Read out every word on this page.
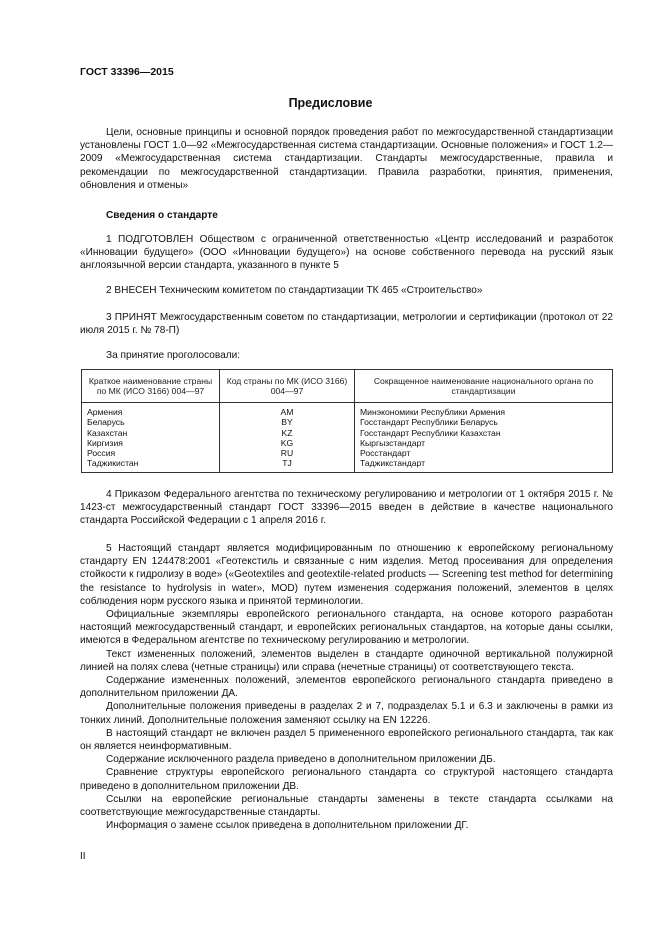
ГОСТ 33396—2015
Предисловие

Цели, основные принципы и основной порядок проведения работ по межгосударственной стандартизации установлены ГОСТ 1.0—92 «Межгосударственная система стандартизации. Основные положения» и ГОСТ 1.2—2009 «Межгосударственная система стандартизации. Стандарты межгосударственные, правила и рекомендации по межгосударственной стандартизации. Правила разработки, принятия, применения, обновления и отмены»

Сведения о стандарте

1 ПОДГОТОВЛЕН Обществом с ограниченной ответственностью «Центр исследований и разработок «Инновации будущего» (ООО «Инновации будущего») на основе собственного перевода на русский язык англоязычной версии стандарта, указанного в пункте 5

2 ВНЕСЕН Техническим комитетом по стандартизации ТК 465 «Строительство»

3 ПРИНЯТ Межгосударственным советом по стандартизации, метрологии и сертификации (протокол от 22 июля 2015 г. № 78-П)

За принятие проголосовали:

Краткое наименование страны по МК (ИСО 3166) 004—97	Код страны по МК (ИСО 3166) 004—97	Сокращенное наименование национального органа по стандартизации
Армения	AM	Минэкономики Республики Армения
Беларусь	BY	Госстандарт Республики Беларусь
Казахстан	KZ	Госстандарт Республики Казахстан
Киргизия	KG	Кыргызстандарт
Россия	RU	Росстандарт
Таджикистан	TJ	Таджикстандарт

4 Приказом Федерального агентства по техническому регулированию и метрологии от 1 октября 2015 г. № 1423-ст межгосударственный стандарт ГОСТ 33396—2015 введен в действие в качестве национального стандарта Российской Федерации с 1 апреля 2016 г.

5 Настоящий стандарт является модифицированным по отношению к европейскому региональному стандарту EN 124478:2001 «Геотекстиль и связанные с ним изделия. Метод просеивания для определения стойкости к гидролизу в воде» («Geotextiles and geotextile-related products — Screening test method for determining the resistance to hydrolysis in water», MOD) путем изменения содержания положений, элементов в целях соблюдения норм русского языка и принятой терминологии.

Официальные экземпляры европейского регионального стандарта, на основе которого разработан настоящий межгосударственный стандарт, и европейских региональных стандартов, на которые даны ссылки, имеются в Федеральном агентстве по техническому регулированию и метрологии.

Текст измененных положений, элементов выделен в стандарте одиночной вертикальной полужирной линией на полях слева (четные страницы) или справа (нечетные страницы) от соответствующего текста.

Содержание измененных положений, элементов европейского регионального стандарта приведено в дополнительном приложении ДА.

Дополнительные положения приведены в разделах 2 и 7, подразделах 5.1 и 6.3 и заключены в рамки из тонких линий. Дополнительные положения заменяют ссылку на EN 12226.

В настоящий стандарт не включен раздел 5 примененного европейского регионального стандарта, так как он является неинформативным.

Содержание исключенного раздела приведено в дополнительном приложении ДБ.

Сравнение структуры европейского регионального стандарта со структурой настоящего стандарта приведено в дополнительном приложении ДВ.

Ссылки на европейские региональные стандарты заменены в тексте стандарта ссылками на соответствующие межгосударственные стандарты.

Информация о замене ссылок приведена в дополнительном приложении ДГ.

II
